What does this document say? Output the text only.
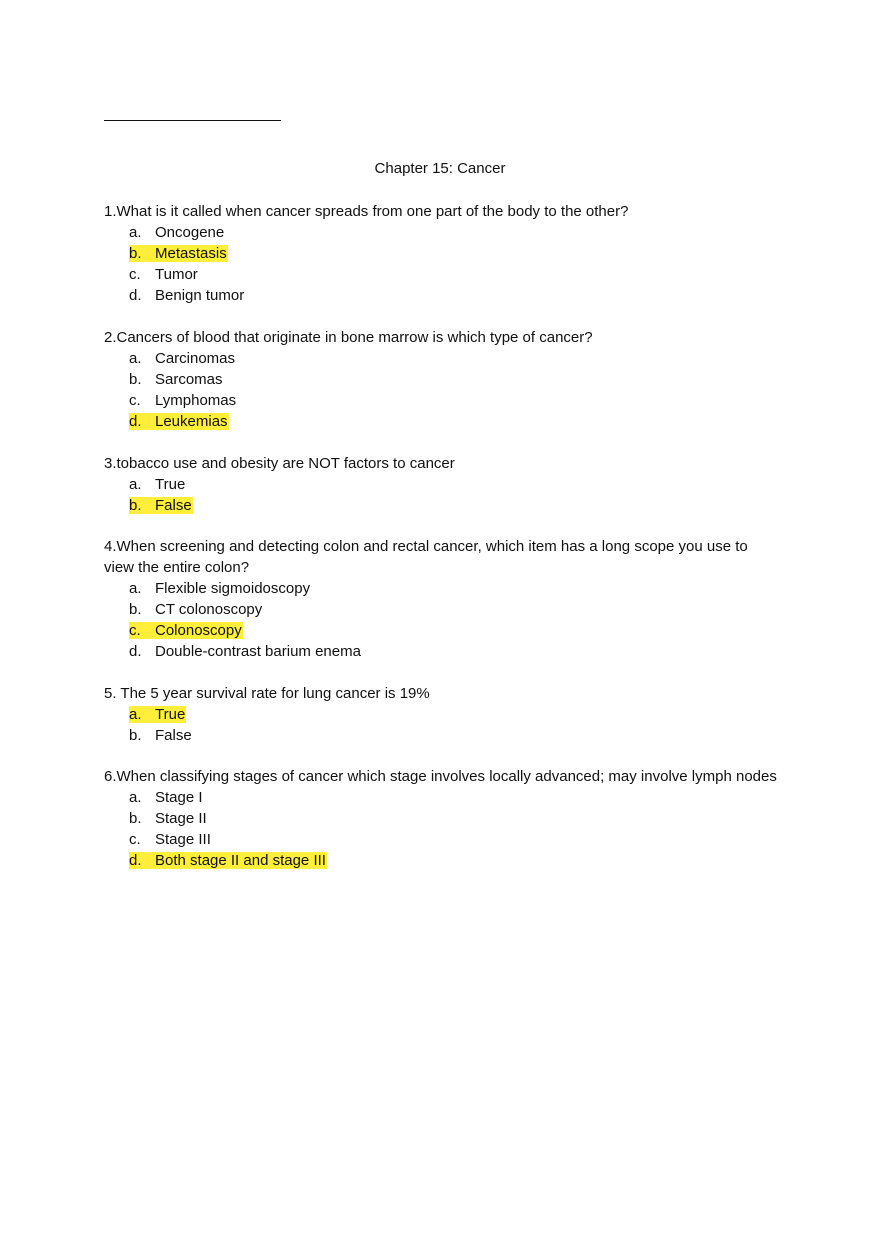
Chapter 15: Cancer
1.What is it called when cancer spreads from one part of the body to the other?
a. Oncogene
b. Metastasis
c. Tumor
d. Benign tumor
2.Cancers of blood that originate in bone marrow is which type of cancer?
a. Carcinomas
b. Sarcomas
c. Lymphomas
d. Leukemias
3.tobacco use and obesity are NOT factors to cancer
a. True
b. False
4.When screening and detecting colon and rectal cancer, which item has a long scope you use to view the entire colon?
a. Flexible sigmoidoscopy
b. CT colonoscopy
c. Colonoscopy
d. Double-contrast barium enema
5. The 5 year survival rate for lung cancer is 19%
a. True
b. False
6.When classifying stages of cancer which stage involves locally advanced; may involve lymph nodes
a. Stage I
b. Stage II
c. Stage III
d. Both stage II and stage III
